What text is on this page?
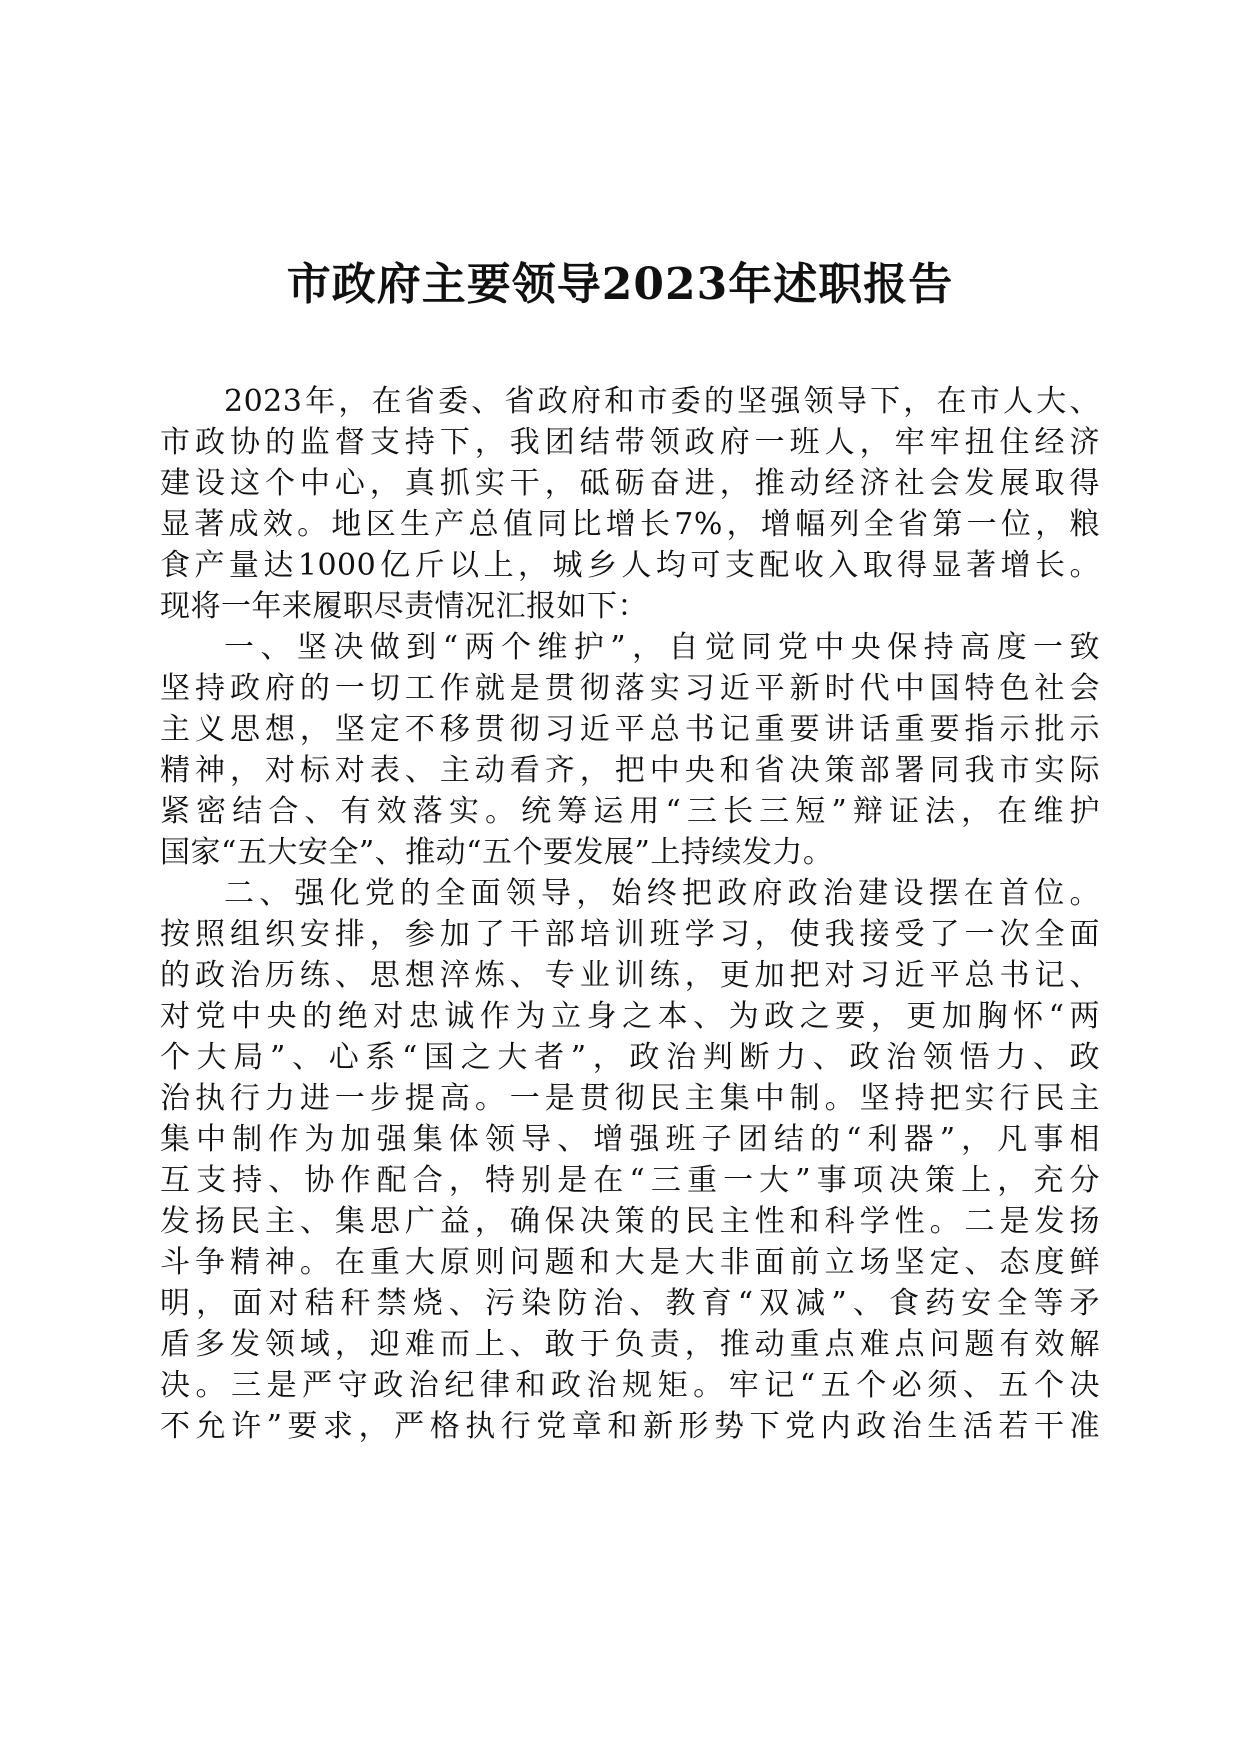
市政府主要领导2023年述职报告
2023年，在省委、省政府和市委的坚强领导下，在市人大、
市政协的监督支持下，我团结带领政府一班人，牢牢扭住经济
建设这个中心，真抓实干，砥砺奋进，推动经济社会发展取得
显著成效。地区生产总值同比增长7%，增幅列全省第一位，粮
食产量达1000亿斤以上，城乡人均可支配收入取得显著增长。
现将一年来履职尽责情况汇报如下：
一、坚决做到“两个维护”，自觉同党中央保持高度一致
坚持政府的一切工作就是贯彻落实习近平新时代中国特色社会
主义思想，坚定不移贯彻习近平总书记重要讲话重要指示批示
精神，对标对表、主动看齐，把中央和省决策部署同我市实际
紧密结合、有效落实。统筹运用“三长三短”辩证法，在维护
国家“五大安全”、推动“五个要发展”上持续发力。
二、强化党的全面领导，始终把政府政治建设摆在首位。
按照组织安排，参加了干部培训班学习，使我接受了一次全面
的政治历练、思想淬炼、专业训练，更加把对习近平总书记、
对党中央的绝对忠诚作为立身之本、为政之要，更加胸怀“两
个大局”、心系“国之大者”，政治判断力、政治领悟力、政
治执行力进一步提高。一是贯彻民主集中制。坚持把实行民主
集中制作为加强集体领导、增强班子团结的“利器”，凡事相
互支持、协作配合，特别是在“三重一大”事项决策上，充分
发扬民主、集思广益，确保决策的民主性和科学性。二是发扬
斗争精神。在重大原则问题和大是大非面前立场坚定、态度鲜
明，面对秸秆禁烧、污染防治、教育“双减”、食药安全等矛
盾多发领域，迎难而上、敢于负责，推动重点难点问题有效解
决。三是严守政治纪律和政治规矩。牢记“五个必须、五个决
不允许”要求，严格执行党章和新形势下党内政治生活若干准
